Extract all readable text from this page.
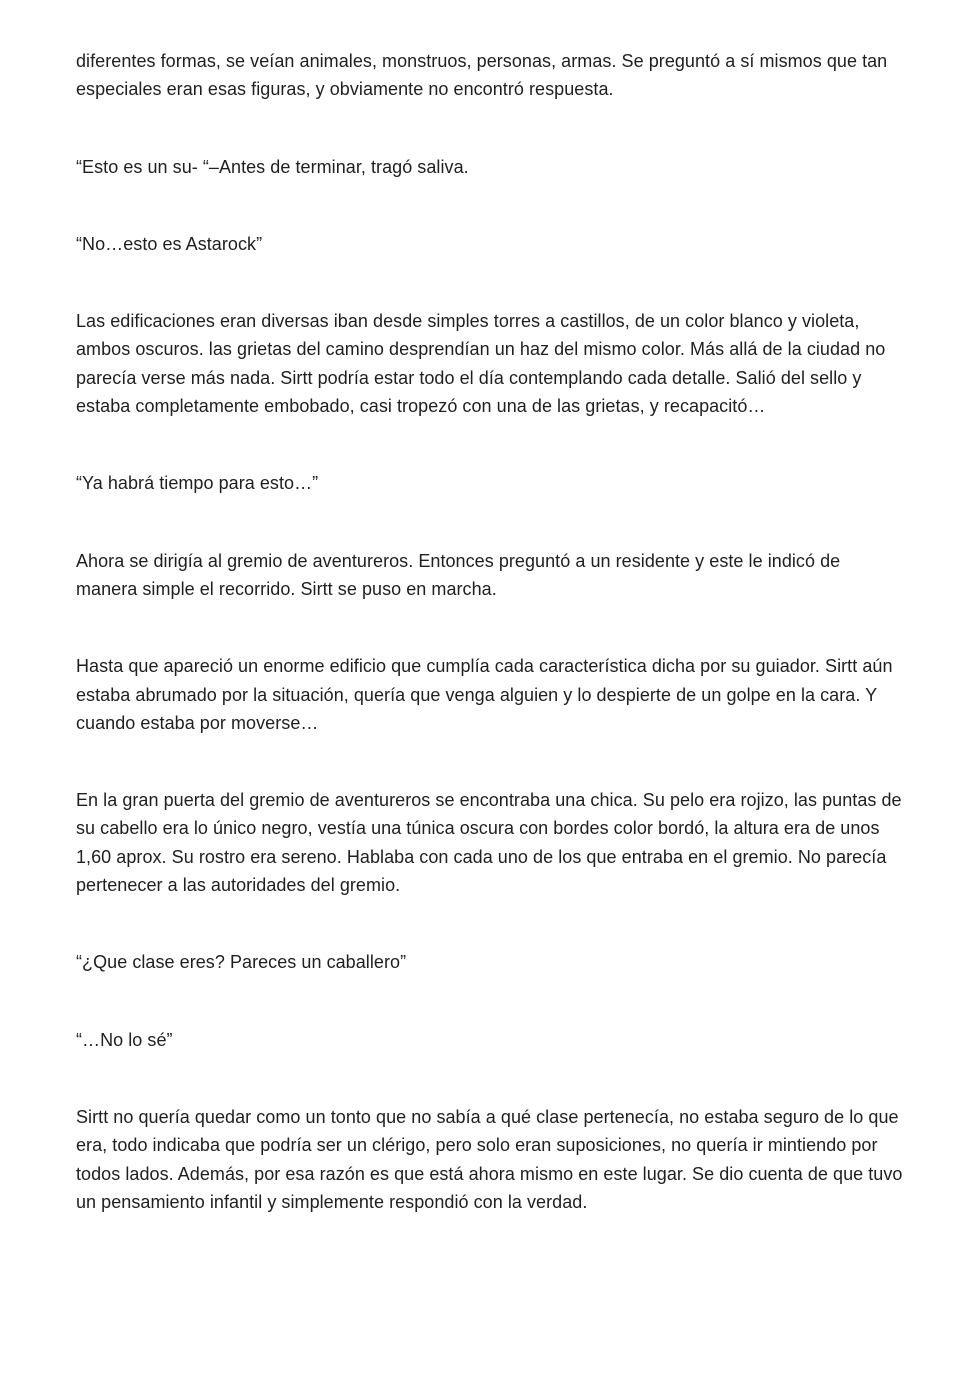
diferentes formas, se veían animales, monstruos, personas, armas. Se preguntó a sí mismos que tan especiales eran esas figuras, y obviamente no encontró respuesta.

“Esto es un su- “–Antes de terminar, tragó saliva.

“No…esto es Astarock”

Las edificaciones eran diversas iban desde simples torres a castillos, de un color blanco y violeta, ambos oscuros. las grietas del camino desprendían un haz del mismo color. Más allá de la ciudad no parecía verse más nada. Sirtt podría estar todo el día contemplando cada detalle. Salió del sello y estaba completamente embobado, casi tropezó con una de las grietas, y recapacitó…

“Ya habrá tiempo para esto…”

Ahora se dirigía al gremio de aventureros. Entonces preguntó a un residente y este le indicó de manera simple el recorrido. Sirtt se puso en marcha.

Hasta que apareció un enorme edificio que cumplía cada característica dicha por su guiador. Sirtt aún estaba abrumado por la situación, quería que venga alguien y lo despierte de un golpe en la cara. Y cuando estaba por moverse…

En la gran puerta del gremio de aventureros se encontraba una chica. Su pelo era rojizo, las puntas de su cabello era lo único negro, vestía una túnica oscura con bordes color bordó, la altura era de unos 1,60 aprox. Su rostro era sereno. Hablaba con cada uno de los que entraba en el gremio. No parecía pertenecer a las autoridades del gremio.

“¿Que clase eres? Pareces un caballero”

“…No lo sé”

Sirtt no quería quedar como un tonto que no sabía a qué clase pertenecía, no estaba seguro de lo que era, todo indicaba que podría ser un clérigo, pero solo eran suposiciones, no quería ir mintiendo por todos lados. Además, por esa razón es que está ahora mismo en este lugar. Se dio cuenta de que tuvo un pensamiento infantil y simplemente respondió con la verdad.
